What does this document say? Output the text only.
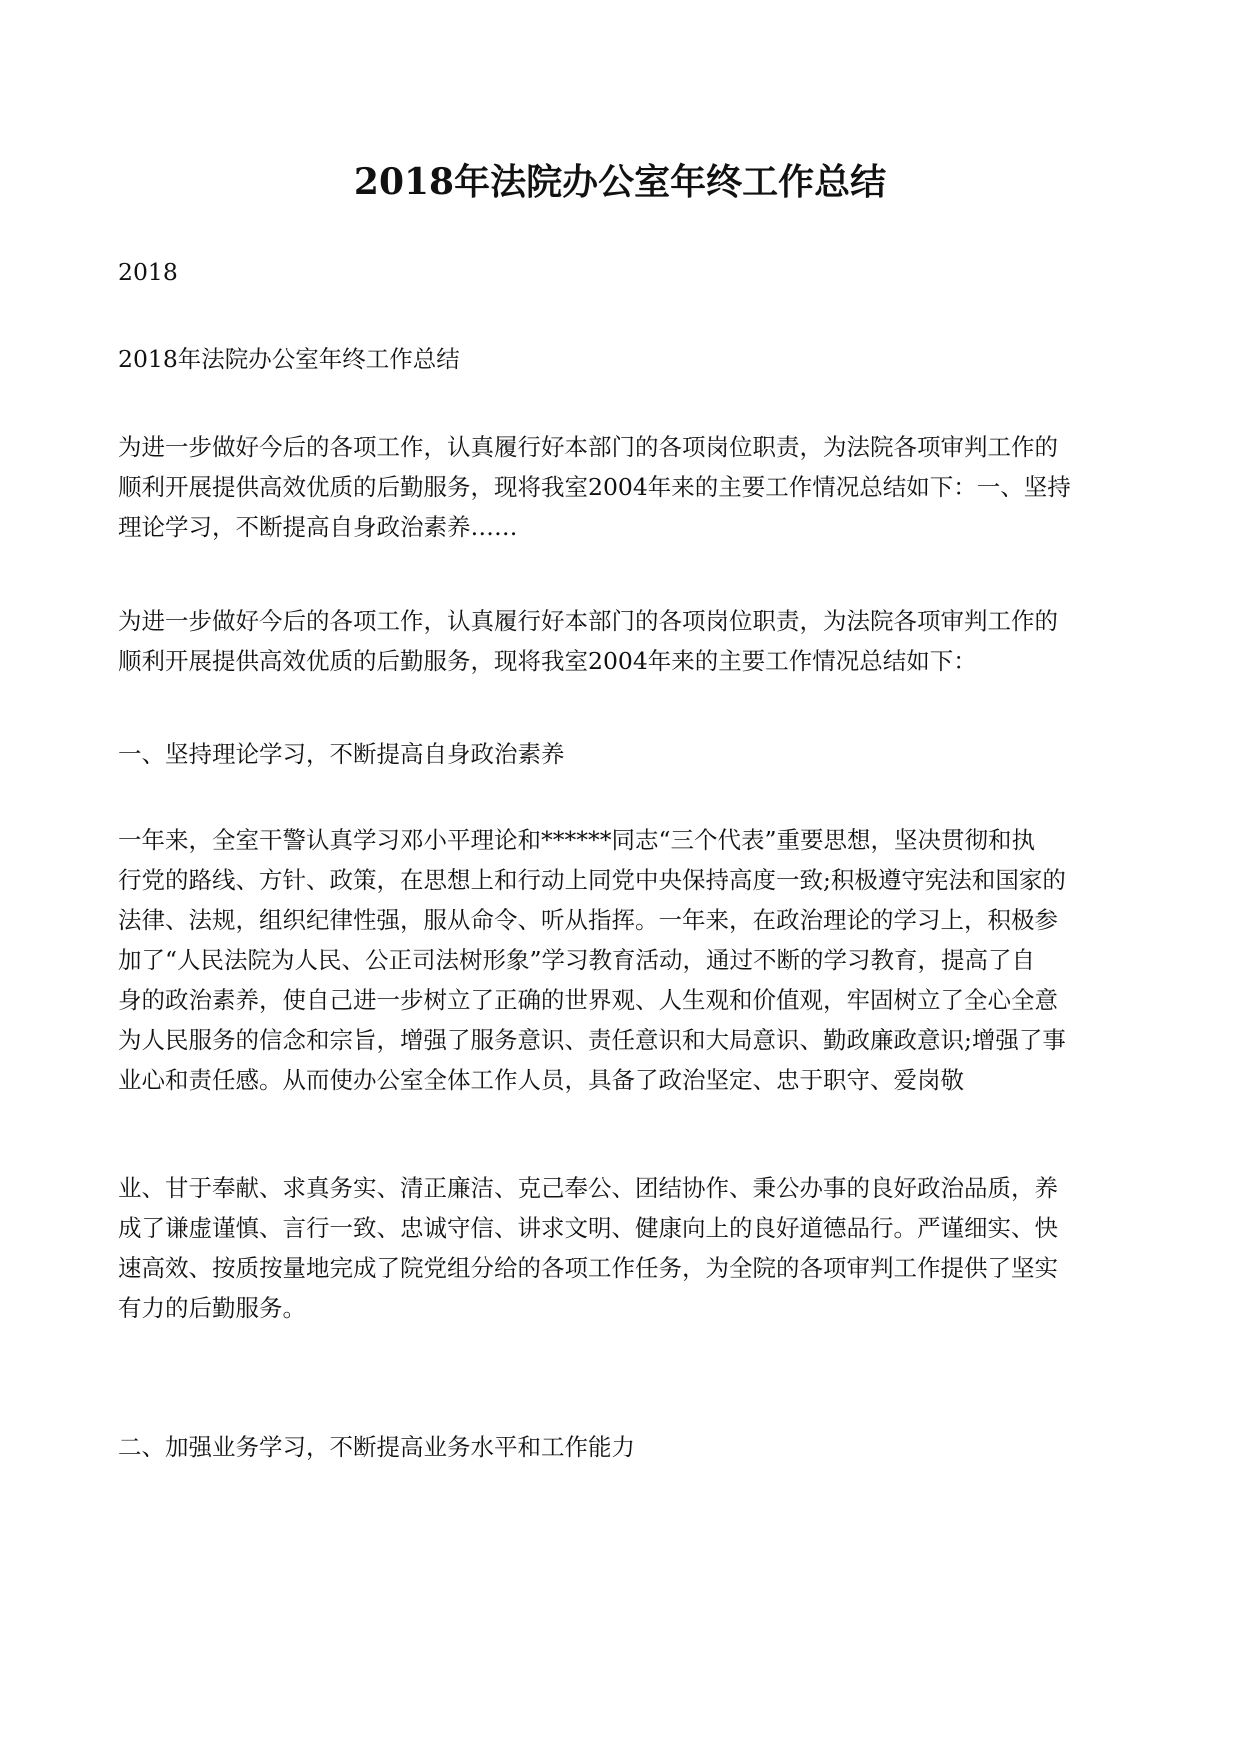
2018年法院办公室年终工作总结
2018
2018年法院办公室年终工作总结
为进一步做好今后的各项工作，认真履行好本部门的各项岗位职责，为法院各项审判工作的
顺利开展提供高效优质的后勤服务，现将我室2004年来的主要工作情况总结如下：一、坚持
理论学习，不断提高自身政治素养……
为进一步做好今后的各项工作，认真履行好本部门的各项岗位职责，为法院各项审判工作的
顺利开展提供高效优质的后勤服务，现将我室2004年来的主要工作情况总结如下：
一、坚持理论学习，不断提高自身政治素养
一年来，全室干警认真学习邓小平理论和******同志“三个代表”重要思想，坚决贯彻和执
行党的路线、方针、政策，在思想上和行动上同党中央保持高度一致;积极遵守宪法和国家的
法律、法规，组织纪律性强，服从命令、听从指挥。一年来，在政治理论的学习上，积极参
加了“人民法院为人民、公正司法树形象”学习教育活动，通过不断的学习教育，提高了自
身的政治素养，使自己进一步树立了正确的世界观、人生观和价值观，牢固树立了全心全意
为人民服务的信念和宗旨，增强了服务意识、责任意识和大局意识、勤政廉政意识;增强了事
业心和责任感。从而使办公室全体工作人员，具备了政治坚定、忠于职守、爱岗敬
业、甘于奉献、求真务实、清正廉洁、克己奉公、团结协作、秉公办事的良好政治品质，养
成了谦虚谨慎、言行一致、忠诚守信、讲求文明、健康向上的良好道德品行。严谨细实、快
速高效、按质按量地完成了院党组分给的各项工作任务，为全院的各项审判工作提供了坚实
有力的后勤服务。
二、加强业务学习，不断提高业务水平和工作能力
